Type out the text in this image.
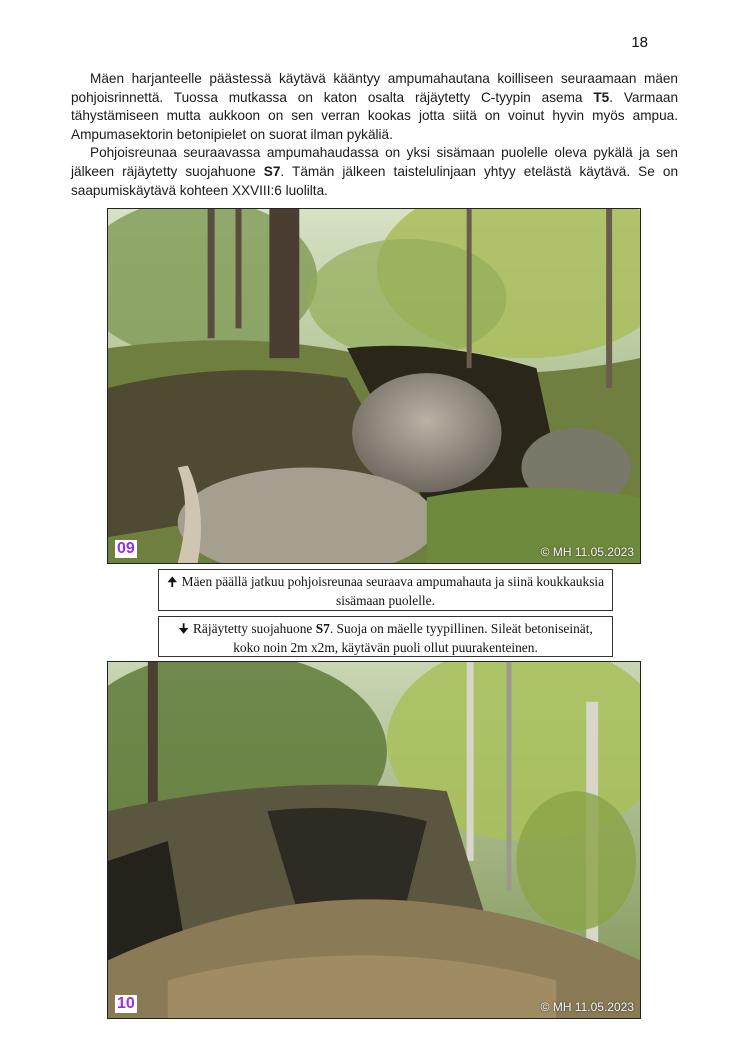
18

Mäen harjanteelle päästessä käytävä kääntyy ampumahautana koilliseen seuraamaan mäen pohjoisrinnettä. Tuossa mutkassa on katon osalta räjäytetty C-tyypin asema T5. Varmaan tähystämiseen mutta aukkoon on sen verran kookas jotta siitä on voinut hyvin myös ampua. Ampumasektorin betonipielet on suorat ilman pykäliä.

Pohjoisreunaa seuraavassa ampumahaudassa on yksi sisämaan puolelle oleva pykälä ja sen jälkeen räjäytetty suojahuone S7. Tämän jälkeen taistelulinjaan yhtyy etelästä käytävä. Se on saapumiskäytävä kohteen XXVIII:6 luolilta.

09	© MH 11.05.2023
🠉 Mäen päällä jatkuu pohjoisreunaa seuraava ampumahauta ja siinä koukkauksia sisämaan puolelle.
🠋 Räjäytetty suojahuone S7. Suoja on mäelle tyypillinen. Sileät betoniseinät, koko noin 2m x2m, käytävän puoli ollut puurakenteinen.
10	© MH 11.05.2023
